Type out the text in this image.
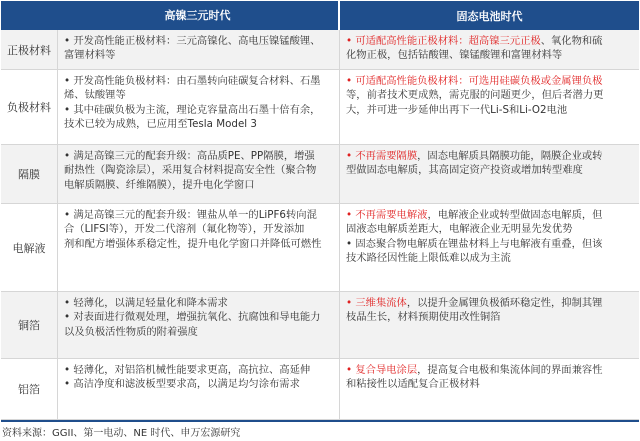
高镍三元时代	固态电池时代
正极材料
• 开发高性能正极材料：三元高镍化、高电压镍锰酸锂、
富锂材料等
• 可适配高性能正极材料：超高镍三元正极、氧化物和硫
化物正极，包括钴酸锂、镍锰酸锂和富锂材料等
负极材料
• 开发高性能负极材料：由石墨转向硅碳复合材料、石墨
烯、钛酸锂等
• 其中硅碳负极为主流，理论克容量高出石墨十倍有余，
技术已较为成熟，已应用至Tesla Model 3
• 可适配高性能负极材料：可选用硅碳负极或金属锂负极
等，前者技术更成熟，需克服的问题更少，但后者潜力更
大，并可进一步延伸出再下一代Li-S和Li-O2电池
隔膜
• 满足高镍三元的配套升级：高品质PE、PP隔膜，增强
耐热性（陶瓷涂层），采用复合材料提高安全性（聚合物
电解质隔膜、纤维隔膜），提升电化学窗口
• 不再需要隔膜，固态电解质具隔膜功能，隔膜企业或转
型做固态电解质，其高固定资产投资或增加转型难度
电解液
• 满足高镍三元的配套升级：锂盐从单一的LiPF6转向混
合（LIFSI等），开发二代溶剂（氟化物等），开发添加
剂和配方增强体系稳定性，提升电化学窗口并降低可燃性
• 不再需要电解液，电解液企业或转型做固态电解质，但
固液态电解质差距大，电解液企业无明显先发优势
• 固态聚合物电解质在锂盐材料上与电解液有重叠，但该
技术路径因性能上限低难以成为主流
铜箔
• 轻薄化，以满足轻量化和降本需求
• 对表面进行微观处理，增强抗氧化、抗腐蚀和导电能力
以及负极活性物质的附着强度
• 三维集流体，以提升金属锂负极循环稳定性，抑制其锂
枝晶生长，材料预期使用改性铜箔
铝箔
• 轻薄化，对铝箔机械性能要求更高，高抗拉、高延伸
• 高洁净度和滤波板型要求高，以满足均匀涂布需求
• 复合导电涂层，提高复合电极和集流体间的界面兼容性
和粘接性以适配复合正极材料
资料来源：GGII、第一电动、NE 时代、申万宏源研究
